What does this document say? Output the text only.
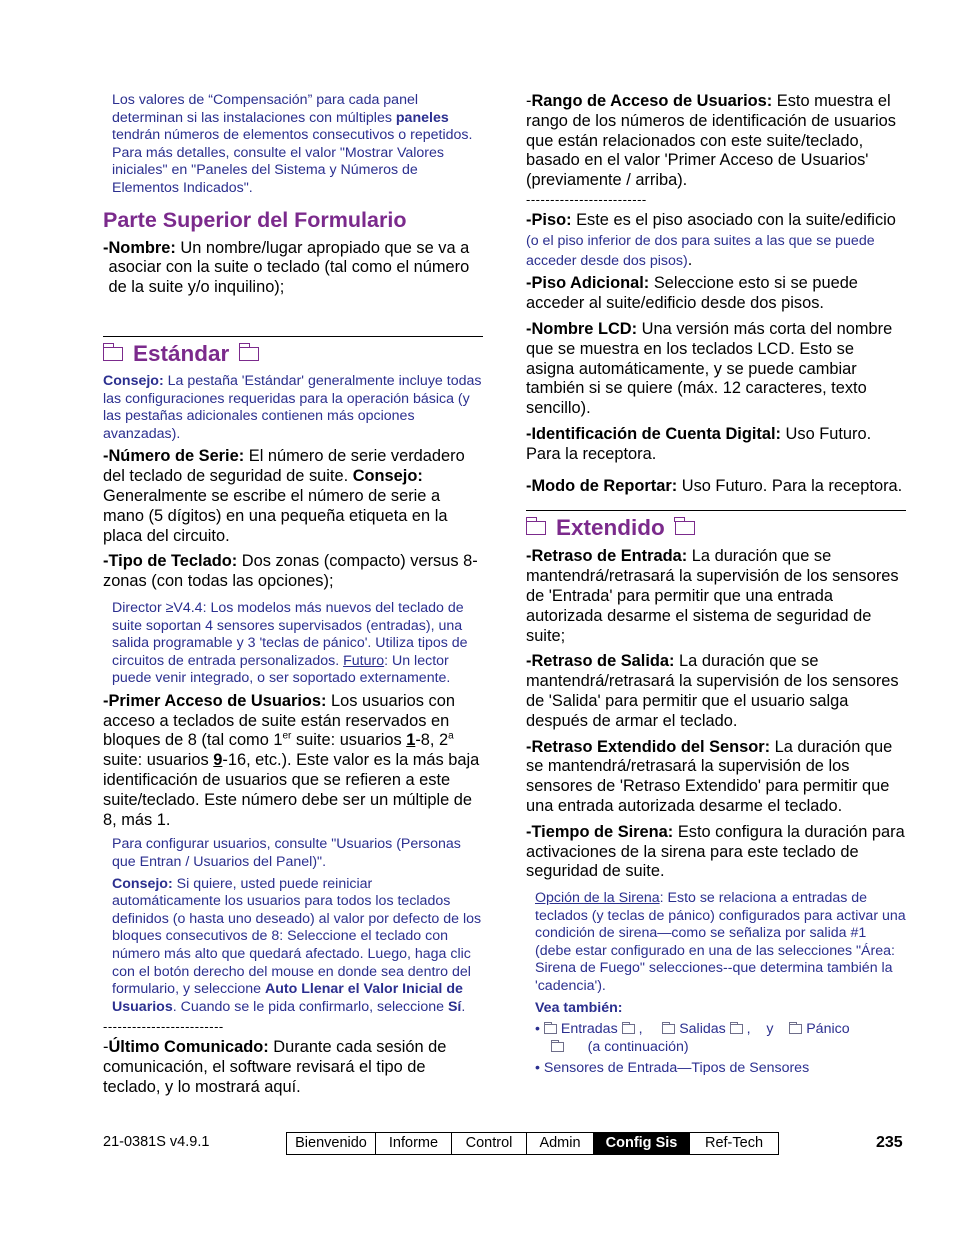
Los valores de “Compensación” para cada panel determinan si las instalaciones con múltiples paneles tendrán números de elementos consecutivos o repetidos. Para más detalles, consulte el valor "Mostrar Valores iniciales" en "Paneles del Sistema y Números de Elementos Indicados".
Parte Superior del Formulario
- Nombre: Un nombre/lugar apropiado que se va a asociar con la suite o teclado (tal como el número de la suite y/o inquilino);
Estándar
Consejo: La pestaña 'Estándar' generalmente incluye todas las configuraciones requeridas para la operación básica (y las pestañas adicionales contienen más opciones avanzadas).
-Número de Serie: El número de serie verdadero del teclado de seguridad de suite. Consejo: Generalmente se escribe el número de serie a mano (5 dígitos) en una pequeña etiqueta en la placa del circuito.
-Tipo de Teclado: Dos zonas (compacto) versus 8-zonas (con todas las opciones);
Director ≥V4.4: Los modelos más nuevos del teclado de suite soportan 4 sensores supervisados (entradas), una salida programable y 3 'teclas de pánico'. Utiliza tipos de circuitos de entrada personalizados. Futuro: Un lector puede venir integrado, o ser soportado externamente.
-Primer Acceso de Usuarios: Los usuarios con acceso a teclados de suite están reservados en bloques de 8 (tal como 1er suite: usuarios 1-8, 2$^a$ suite: usuarios 9-16, etc.). Este valor es la más baja identificación de usuarios que se refieren a este suite/teclado. Este número debe ser un múltiple de 8, más 1.
Para configurar usuarios, consulte "Usuarios (Personas que Entran / Usuarios del Panel)".
Consejo: Si quiere, usted puede reiniciar automáticamente los usuarios para todos los teclados definidos (o hasta uno deseado) al valor por defecto de los bloques consecutivos de 8: Seleccione el teclado con número más alto que quedará afectado. Luego, haga clic con el botón derecho del mouse en donde sea dentro del formulario, y seleccione Auto Llenar el Valor Inicial de Usuarios. Cuando se le pida confirmarlo, seleccione Sí.
-------------------------
-Último Comunicado: Durante cada sesión de comunicación, el software revisará el tipo de teclado, y lo mostrará aquí.
-Rango de Acceso de Usuarios: Esto muestra el rango de los números de identificación de usuarios que están relacionados con este suite/teclado, basado en el valor 'Primer Acceso de Usuarios' (previamente / arriba).
-------------------------
-Piso: Este es el piso asociado con la suite/edificio (o el piso inferior de dos para suites a las que se puede acceder desde dos pisos).
-Piso Adicional: Seleccione esto si se puede acceder al suite/edificio desde dos pisos.
-Nombre LCD: Una versión más corta del nombre que se muestra en los teclados LCD. Esto se asigna automáticamente, y se puede cambiar también si se quiere (máx. 12 caracteres, texto sencillo).
-Identificación de Cuenta Digital: Uso Futuro. Para la receptora.
- Modo de Reportar: Uso Futuro. Para la receptora.
Extendido
-Retraso de Entrada: La duración que se mantendrá/retrasará la supervisión de los sensores de 'Entrada' para permitir que una entrada autorizada desarme el sistema de seguridad de suite;
-Retraso de Salida: La duración que se mantendrá/retrasará la supervisión de los sensores de 'Salida' para permitir que el usuario salga después de armar el teclado.
-Retraso Extendido del Sensor: La duración que se mantendrá/retrasará la supervisión de los sensores de 'Retraso Extendido' para permitir que una entrada autorizada desarme el teclado.
-Tiempo de Sirena: Esto configura la duración para activaciones de la sirena para este teclado de seguridad de suite.
Opción de la Sirena: Esto se relaciona a entradas de teclados (y teclas de pánico) configurados para activar una condición de sirena—como se señaliza por salida #1 (debe estar configurado en una de las selecciones "Área: Sirena de Fuego" selecciones--que determina también la 'cadencia').
Vea también:
• Entradas ,	Salidas , y Pánico
(a continuación)
• Sensores de Entrada—Tipos de Sensores
21-0381S v4.9.1	Bienvenido	Informe	Control	Admin	Config Sis	Ref-Tech	235
